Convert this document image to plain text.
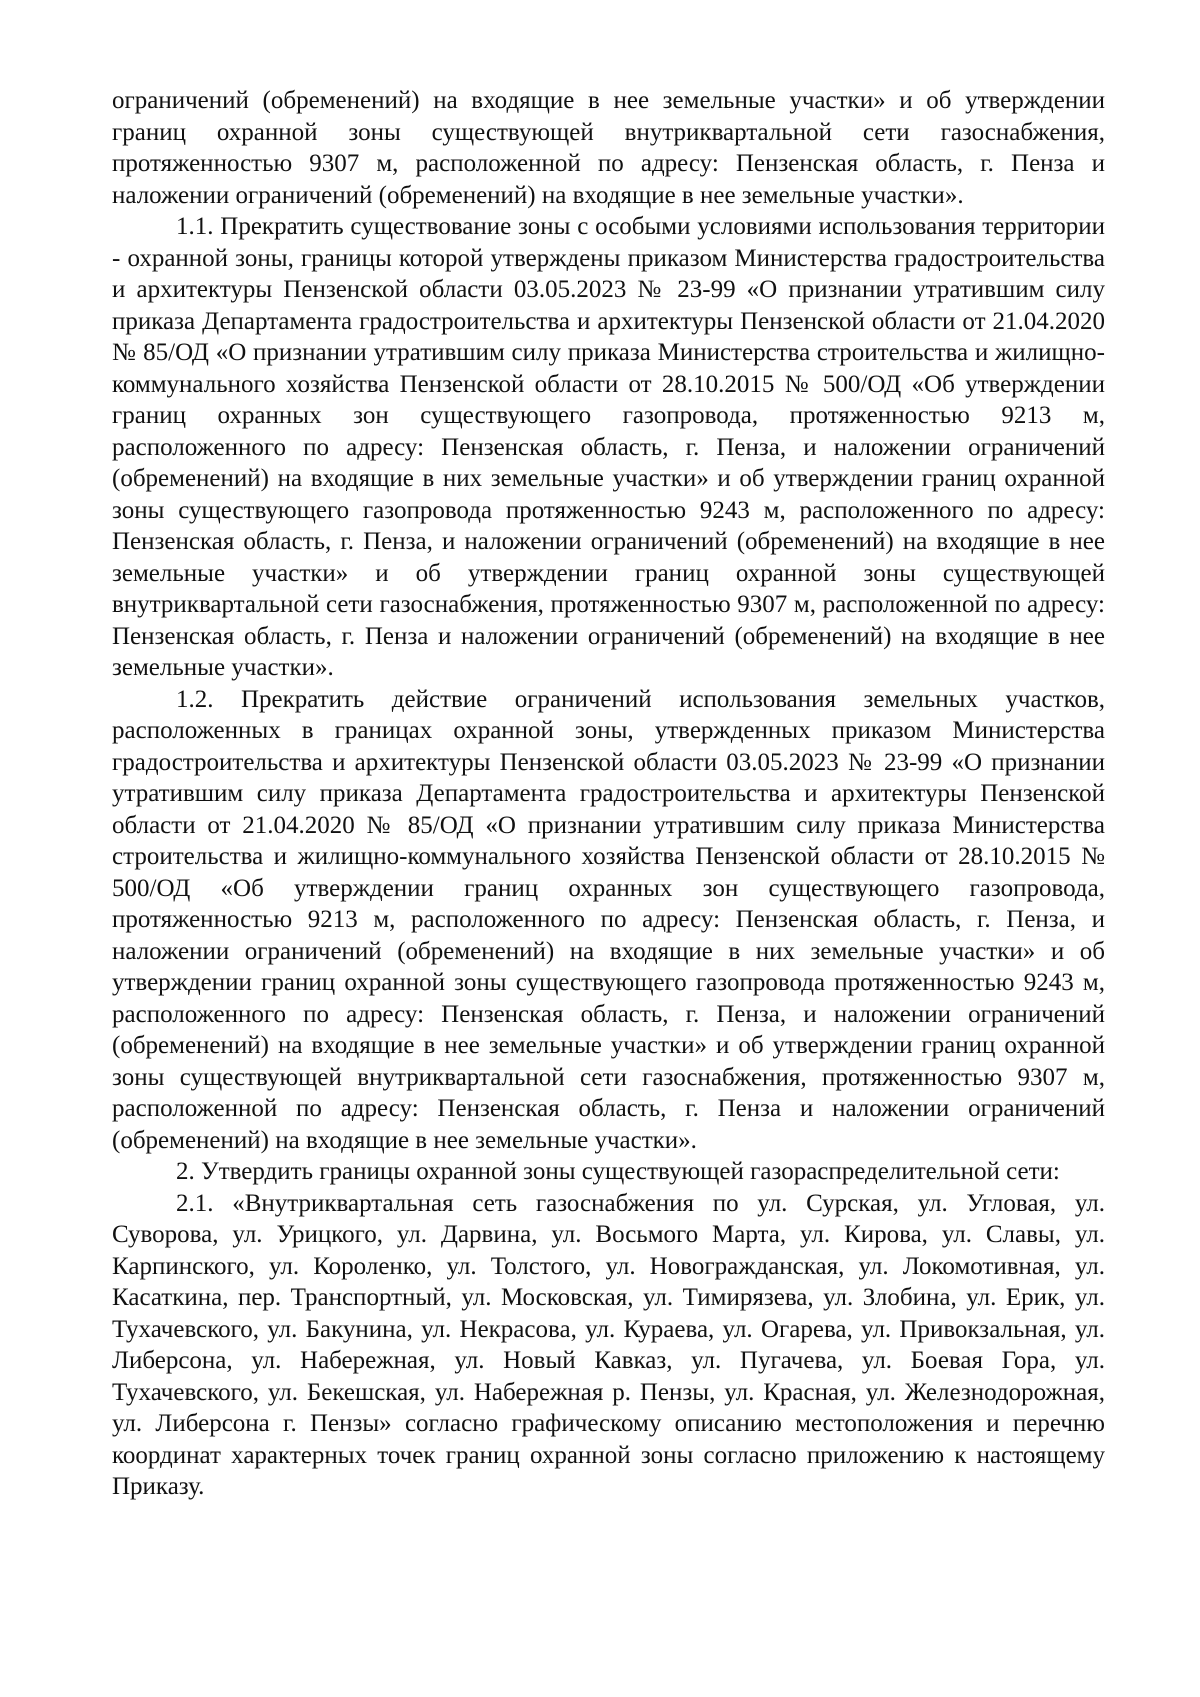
ограничений (обременений) на входящие в нее земельные участки» и об утверждении границ охранной зоны существующей внутриквартальной сети газоснабжения, протяженностью 9307 м, расположенной по адресу: Пензенская область, г. Пенза и наложении ограничений (обременений) на входящие в нее земельные участки».

1.1. Прекратить существование зоны с особыми условиями использования территории - охранной зоны, границы которой утверждены приказом Министерства градостроительства и архитектуры Пензенской области 03.05.2023 № 23-99 «О признании утратившим силу приказа Департамента градостроительства и архитектуры Пензенской области от 21.04.2020 № 85/ОД «О признании утратившим силу приказа Министерства строительства и жилищно-коммунального хозяйства Пензенской области от 28.10.2015 № 500/ОД «Об утверждении границ охранных зон существующего газопровода, протяженностью 9213 м, расположенного по адресу: Пензенская область, г. Пенза, и наложении ограничений (обременений) на входящие в них земельные участки» и об утверждении границ охранной зоны существующего газопровода протяженностью 9243 м, расположенного по адресу: Пензенская область, г. Пенза, и наложении ограничений (обременений) на входящие в нее земельные участки» и об утверждении границ охранной зоны существующей внутриквартальной сети газоснабжения, протяженностью 9307 м, расположенной по адресу: Пензенская область, г. Пенза и наложении ограничений (обременений) на входящие в нее земельные участки».

1.2. Прекратить действие ограничений использования земельных участков, расположенных в границах охранной зоны, утвержденных приказом Министерства градостроительства и архитектуры Пензенской области 03.05.2023 № 23-99 «О признании утратившим силу приказа Департамента градостроительства и архитектуры Пензенской области от 21.04.2020 № 85/ОД «О признании утратившим силу приказа Министерства строительства и жилищно-коммунального хозяйства Пензенской области от 28.10.2015 № 500/ОД «Об утверждении границ охранных зон существующего газопровода, протяженностью 9213 м, расположенного по адресу: Пензенская область, г. Пенза, и наложении ограничений (обременений) на входящие в них земельные участки» и об утверждении границ охранной зоны существующего газопровода протяженностью 9243 м, расположенного по адресу: Пензенская область, г. Пенза, и наложении ограничений (обременений) на входящие в нее земельные участки» и об утверждении границ охранной зоны существующей внутриквартальной сети газоснабжения, протяженностью 9307 м, расположенной по адресу: Пензенская область, г. Пенза и наложении ограничений (обременений) на входящие в нее земельные участки».

2. Утвердить границы охранной зоны существующей газораспределительной сети:

2.1. «Внутриквартальная сеть газоснабжения по ул. Сурская, ул. Угловая, ул. Суворова, ул. Урицкого, ул. Дарвина, ул. Восьмого Марта, ул. Кирова, ул. Славы, ул. Карпинского, ул. Короленко, ул. Толстого, ул. Новогражданская, ул. Локомотивная, ул. Касаткина, пер. Транспортный, ул. Московская, ул. Тимирязева, ул. Злобина, ул. Ерик, ул. Тухачевского, ул. Бакунина, ул. Некрасова, ул. Кураева, ул. Огарева, ул. Привокзальная, ул. Либерсона, ул. Набережная, ул. Новый Кавказ, ул. Пугачева, ул. Боевая Гора, ул. Тухачевского, ул. Бекешская, ул. Набережная р. Пензы, ул. Красная, ул. Железнодорожная, ул. Либерсона г. Пензы» согласно графическому описанию местоположения и перечню координат характерных точек границ охранной зоны согласно приложению к настоящему Приказу.
